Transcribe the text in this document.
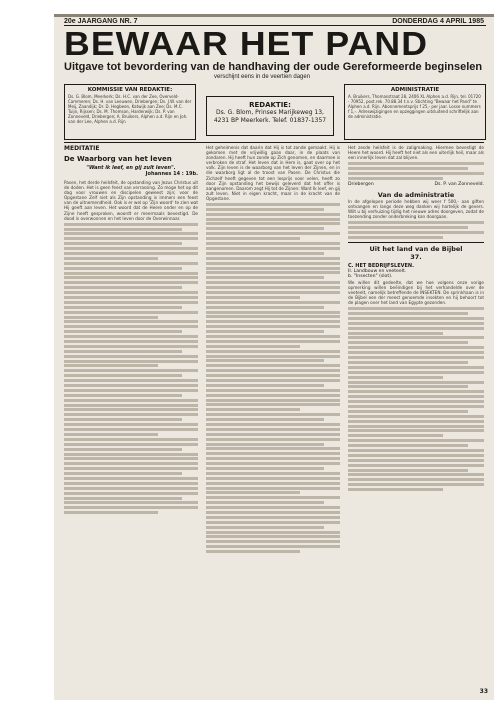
20e JAARGANG NR. 7	DONDERDAG 4 APRIL 1985
BEWAAR HET PAND
Uitgave tot bevordering van de handhaving der oude Gereformeerde beginselen
verschijnt eens in de veertien dagen
KOMMISSIE VAN REDAKTIE:
Ds. G. Blom, Meerkerk; Ds. H.C. van der Zee, Overveld-Cammeren; Ds. H. van Leeuwen, Driebergen; Ds. J.W. van der Meij, Zaandijk; Dr. D. Hegbeen, Katwijk aan Zee; Ds. M.C. Tuijn, Rijssen; Ds. M. Thomson, Harderwijk; Ds. P. van Zonneveld, Driebergen; A. Bruikers, Alphen a.d. Rijn en Joh. van der Lee, Alphen a.d. Rijn
REDAKTIE:
Ds. G. Blom, Prinses Marijkeweg 13,
4231 BP Meerkerk. Telef. 01837-1357
ADMINISTRATIE
A. Bruikers, Thomasstraat 28, 2406 XL Alphen a.d. Rijn, tel. 01720 - 70952, post.rek. 70.88.34 t.n.v. Stichting "Bewaar het Pand" te Alphen a.d. Rijn. Abonnementsprijs f 25,- per jaar. Losse nummers f 1,-. Adreswijzigingen en opzeggingen uitsluitend schriftelijk aan de administratie.
MEDITATIE
De Waarborg van het leven
"Want ik leef, en gij zult leven".
Johannes 14 : 19b.
Pasen, het derde heilsfeit, de opstanding van Jezus Christus uit de doden. Het is geen feest van verrassing. Zo moge het op dit dag voor vrouwen en discipelen geweest zijn; voor de Opgestane Zelf niet als Zijn opstanding is immers een feest van de uitnemendheid. Ook is er wel op 'Zijn woord' te zien wat Hij geeft aan leven. Het woord dat de Heere onder en op de Zijne heeft gesproken, woordt er meermaals bevestigd. De dood is overwonnen en het leven door de Overwinnaar.
Het geheimenis dat daarin dat Hij is tot zonde gemaakt. Hij is gekomen met de vrijwillig gaan daar, in de plaats van zondaren. Hij heeft hun zonde op Zich genomen, en daarmee is verbroken de straf. Het leven dat in Hem is, gaat over op het volk. Zijn leven is de waarborg van het leven der Zijnen, en in die waarborg ligt al de troost van Pasen. De Christus die Zichzelf heeft gegeven tot een losprijs voor velen, heeft zo door Zijn opstanding het bewijs geleverd dat het offer is aangenomen. Daarom zegt Hij tot de Zijnen: Want Ik leef, en gij zult leven. Niet in eigen kracht, maar in de kracht van de Opgestane.
Het zesde heilsfeit is de zaligmaking. Hiermee bevestigt de Heere het woord. Hij heeft het niet als een uiterlijk heil, maar als een innerlijk leven dat zal blijven.
Driebergen	Ds. P. van Zonneveld.
Van de administratie
In de afgelopen periode hebben wij weer f 500,- aan giften ontvangen en langs deze weg danken wij hartelijk de gevers. Wilt u bij verhuizing tijdig het nieuwe adres doorgeven, zodat de toezending zonder onderbreking kan doorgaan.
Uit het land van de Bijbel
37.
C. HET BEDRIJFSLEVEN.
II. Landbouw en veeteelt.
b. "Insecten" (slot).
We willen dit gedeelte, dat we hoe volgens onze vorige opmerking willen beëindigen bij het verhandelde over de veeteelt, namelijk betreffende de INSEKTEN. De sprinkhaan is in de Bijbel een der meest genoemde insekten en hij behoort tot de plagen over het land van Egypte gezonden.
33
